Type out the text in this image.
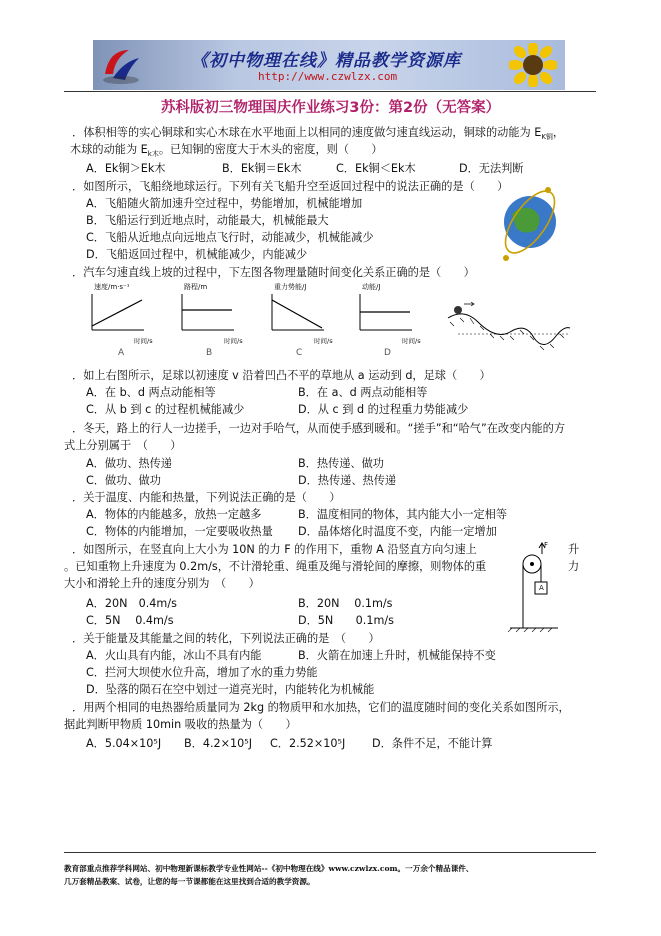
《初中物理在线》精品教学资源库
http://www.czwlzx.com
苏科版初三物理国庆作业练习3份：第2份（无答案）
．体积相等的实心铜球和实心木球在水平地面上以相同的速度做匀速直线运动，铜球的动能为 $E_{K铜}$，
木球的动能为 $E_{k木}$。已知铜的密度大于木头的密度，则（　　）
A．Ek铜＞Ek木	B．Ek铜＝Ek木	C．Ek铜＜Ek木	D．无法判断
．如图所示，飞船绕地球运行。下列有关飞船升空至返回过程中的说法正确的是（　　）
A．飞船随火箭加速升空过程中，势能增加，机械能增加
B．飞船运行到近地点时，动能最大，机械能最大
C．飞船从近地点向远地点飞行时，动能减少，机械能减少
D．飞船返回过程中，机械能减少，内能减少
．汽车匀速直线上坡的过程中，下左图各物理量随时间变化关系正确的是（　　）
速度/m·s⁻¹
时间/s
A
路程/m
时间/s
B
重力势能/J
时间/s
C
动能/J
时间/s
D
．如上右图所示，足球以初速度 v 沿着凹凸不平的草地从 a 运动到 d，足球（　　）
A．在 b、d 两点动能相等	B．在 a、d 两点动能相等
C．从 b 到 c 的过程机械能减少	D．从 c 到 d 的过程重力势能减少
．冬天，路上的行人一边搓手，一边对手哈气，从而使手感到暖和。“搓手”和“哈气”在改变内能的方
式上分别属于　（　　）
A．做功、热传递	B．热传递、做功
C．做功、做功	D．热传递、热传递
．关于温度、内能和热量，下列说法正确的是（　　）
A．物体的内能越多，放热一定越多	B．温度相同的物体，其内能大小一定相等
C．物体的内能增加，一定要吸收热量 D．晶体熔化时温度不变，内能一定增加
．如图所示，在竖直向上大小为 10N 的力 F 的作用下，重物 A 沿竖直方向匀速上	升
。已知重物上升速度为 0.2m/s，不计滑轮重、绳重及绳与滑轮间的摩擦，则物体的重	力
大小和滑轮上升的速度分别为　（　　）
A．20N　0.4m/s	B．20N　 0.1m/s
C．5N　 0.4m/s	D．5N　　0.1m/s
F
A
．关于能量及其能量之间的转化，下列说法正确的是　（　　）
A．火山具有内能，冰山不具有内能	B．火箭在加速上升时，机械能保持不变
C．拦河大坝使水位升高，增加了水的重力势能
D．坠落的陨石在空中划过一道亮光时，内能转化为机械能
．用两个相同的电热器给质量同为 2kg 的物质甲和水加热，它们的温度随时间的变化关系如图所示，
据此判断甲物质 10min 吸收的热量为（　　）
A．5.04×10⁵J B．4.2×10⁵J C．2.52×10⁵J D．条件不足，不能计算
教育部重点推荐学科网站、初中物理新课标教学专业性网站--《初中物理在线》www.czwlzx.com。一万余个精品课件、
几万套精品教案、试卷，让您的每一节课都能在这里找到合适的教学资源。
